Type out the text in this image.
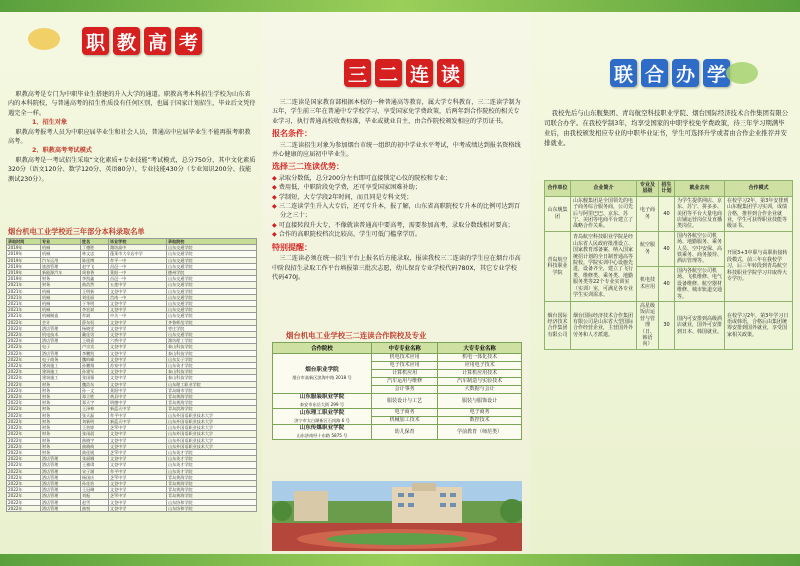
职 教 高 考

职教高考是专门为中职毕业生搭建的升入大学的通道。职教高考本科招生学校为山东省内的本科院校，与普通高考的招生性质没有任何区别，也属于国家计划招生，毕业后文凭待遇完全一样。

1、招生对象

职教高考报考人员为中职应届毕业生和社会人员，普通高中应届毕业生不能再报考职教高考。

2、职教高考考试模式

职教高考是一考试招生采取“文化素质+专业技能”考试模式，总分750分，其中文化素质320分（语文120分、数学120分、英语80分），专业技能430分（专业知识200分、技能测试230分）。

烟台机电工业学校近三年部分本科录取名单
录取时间	专业	姓名	毕业学校	录取院校
2019年	机械	丁德胜	潍坊高中	山东交通学院
2019年	机械	林文忠	蓬莱市大辛店中学	山东交通学院
2019年	汽车运用	陈佳博	牟平一中	山东交通学院
2019年	旅游管理	赵宇飞	昌邑一中	山东交通学院
2019年	新能源汽车	周春香	莱阳一中	德州学院
2019年	财务	李凯鑫	昌邑一中	山东交通学院
2021年	财务	曲浩然	五莲中学	山东交通学院
2021年	机械	王明新	文登中学	山东交通学院
2021年	机械	刘佳丽	莒南一中	山东交通学院
2021年	机械	于华明	文登中学	山东交通学院
2021年	机械	李宏斌	文登中学	山东交通学院
2021年	机械制造	牟斌	中关一中	山东交通学院
2022年	会计	薛东恒	文登中学	齐鲁师范学院
2022年	酒店管理	杨晓雯	文登中学	枣庄学院
2022年	机电技术	戴佳男	文登中学	山东交通学院
2022年	酒店管理	王晓嘉	六桥中学	潍坊理工学院
2022年	电子	卢宗宾	文登中学	泰山科技学院
2022年	酒店管理	李鹏凯	文登中学	泰山科技学院
2022年	电子商务	魏昀峰	文登中学	山东女子学院
2022年	建筑施工	孙鹏翔	苏家中学	山东英才学院
2022年	建筑施工	孙建军	文登中学	泰山科技学院
2022年	建筑施工	张国强	文登中学	泰山科技学院
2022年	财务	魏浩东	文登中学	山东理工职业学院
2022年	财务	孙一文	莱阳中学	青岛城市学院
2022年	财务	郑立胜	黄县中学	青岛黄海学院
2022年	财务	郑天宇	明德中学	青岛黄海学院
2022年	财务	王泽林	新蓝天中学	青岛滨海学院
2022年	财务	张天磊	牟平中学	山东外国语职业技术大学
2022年	财务	刘新明	新蓝天中学	山东外国语职业技术大学
2022年	财务	王怡婷	芝罘中学	山东外国语职业技术大学
2022年	财务	张雨晨	文登中学	山东外国语职业技术大学
2022年	财务	曲晓宇	文登中学	山东外国语职业技术大学
2022年	财务	曲晓萌	文登中学	山东外国语职业技术大学
2022年	财务	曲佳媛	芝罘中学	山东英才学院
2022年	酒店管理	张丽娜	文登中学	山东英才学院
2022年	酒店管理	王雅琪	文登中学	山东英才学院
2022年	酒店管理	宋子涵	牟平中学	山东英才学院
2022年	酒店管理	杨国庆	芝罘中学	青岛黄海学院
2022年	酒店管理	孙佳怡	文登中学	青岛黄海学院
2022年	酒店管理	王冠琳	文登中学	青岛黄海学院
2022年	酒店管理	刘振	芝罘中学	青岛黄海学院
2022年	酒店管理	赵雪	文登中学	山东协和学院
2022年	酒店管理	曲悦	文登中学	山东协和学院
三 二 连 读

三二连读是国家教育部根据本校的一种普通高等教育，属大学专科教育，三二连读学制为五年，学生前三年在普通中专学校学习，享受国家免学费政策，后两年到合作院校的相关专业学习，执行普通高校收费标准，毕业或就业自主，由合作院校颁发相应的学历证书。

报名条件：

三二连读招生对象为参加烟台市统一组织的初中学业水平考试，中考成绩达到报名资格线并心健康的应届初中毕业生。

选择三二连读优势：
◆ 录取分数低，总分200分左右即可直接锁定心仪的院校和专业；
◆ 费用低，中职阶段免学费，还可享受国家困难补助；
◆ 学制短，大专学段2年时间，而且同是专科文凭；
◆ 三二连读学生升入大专后，还可专升本，报了解，山东省高职院校专升本的比例可达到百分之三十；
◆ 可直接转段升大专，不像就读普通高中要高考，需要参加高考，录取分数线相对要高；
◆ 合作的高职院校档次比较高，学生可低门槛拿学历。
特别提醒：

三二连读必须在统一招生平台上报名后方能录取，报读我校三二连读的学生应在烟台市高中阶段招生录取工作平台填报第三批次志愿，幼儿保育专业学校代码780X，其它专业学校代码470J。

烟台机电工业学校三二连读合作院校及专业
合作院校	中专专业名称	大专专业名称

烟台职业学院
烟台市高新区滨海中路 2018 号	机电技术应用	机电一体化技术
	电子技术应用	应用电子技术
	计算机应用	计算机应用技术
	汽车运用与维修	汽车制造与实验技术
	会计事务	大数据与会计

山东服装职业学院
泰安市东岳大街 299 号	服装设计与工艺	服装与服饰设计

山东理工职业学院
济宁市太白湖新区石岗路 6 号	电子商务	电子商务
	机械加工技术	数控技术

山东传媒职业学院
山东济南经十东路 5875 号	幼儿保育	学前教育（师范类）
联 合 办 学

我校先后与山东舰集团、青岛航空科技职业学院、烟台国际经济技术合作集团有限公司联合办学。在我校学制3年，均享受国家的中职学校免学费政策，待三年学习期满毕业后，由我校颁发相应专业的中职毕业证书，学生可选择升学或者由合作企业推荐并安排就业。

合作单位	企业简介	专业及层级	招生计划	就业去向	合作模式
山东舰集团	山东舰集团是全国领先的电子商务综合服务商，公司先后与阿里巴巴、京东、苏宁、美团等电商平台建立了战略合作关系。	电子商务	40	为学生提供网店、京东、苏宁、拼多多、美团等平台大量电商店铺运营岗位及直播类岗位。	在校学习2年，第3年安排到山东舰集团学习实训，成绩合格，推荐到合作企业就业，学生可获得职业技能等级证书。
青岛航空科技职业学院	青岛航空科技职业学院是经山东省人民政府批准设立、国家教育部备案、纳入国家统招计划的全日制普通高等院校。学院实训中心设施先进，设备齐全，建立了飞行类、维修类、乘务类、地勤服务类等22个专业实训室（实训）室，可满足各专业学生实训需求。	航空服务	40	国内各航空公司机场、地勤服务、乘务人员、空中安保、高铁乘务、商务接待、酒店管理等。	开展3+3中职与高职衔接转段模式，前三年在我校学习，后三年转段到青岛航空科技职业学院学习并取得大专学历。
		机电技术应用	40	国内各航空公司机场、飞机维修、电气设备维修、航空器材维修、城市轨道交通等。	
烟台国际经济技术合作集团有限公司	烟台国际经济技术合作集团有限公司是山东省大型国际合作经营企业，主营国外外劳务和人才派遣。	高星级饭店运营与管理（日、韩语向）	30	国内可安排到高级酒店就业，国外可安排到日本、韩国就业。	在校学习2年，第3年学习日语或韩语，合格后由集团统筹安排到国外就业，享受国家相关政策。
